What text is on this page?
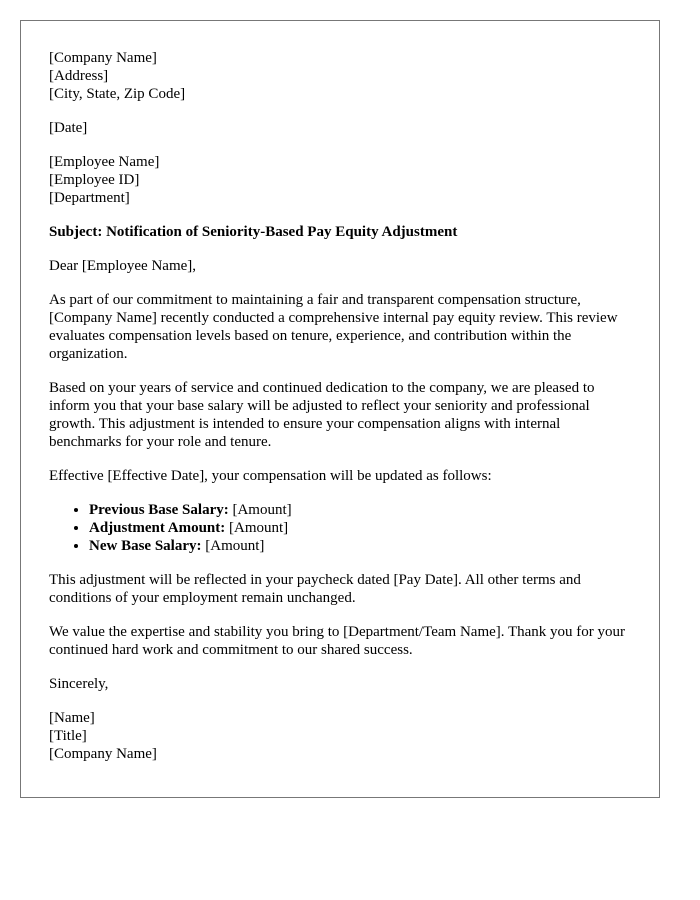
[Company Name]
[Address]
[City, State, Zip Code]
[Date]
[Employee Name]
[Employee ID]
[Department]

Subject: Notification of Seniority-Based Pay Equity Adjustment

Dear [Employee Name],

As part of our commitment to maintaining a fair and transparent compensation structure, [Company Name] recently conducted a comprehensive internal pay equity review. This review evaluates compensation levels based on tenure, experience, and contribution within the organization.

Based on your years of service and continued dedication to the company, we are pleased to inform you that your base salary will be adjusted to reflect your seniority and professional growth. This adjustment is intended to ensure your compensation aligns with internal benchmarks for your role and tenure.

Effective [Effective Date], your compensation will be updated as follows:

• Previous Base Salary: [Amount]
• Adjustment Amount: [Amount]
• New Base Salary: [Amount]

This adjustment will be reflected in your paycheck dated [Pay Date]. All other terms and conditions of your employment remain unchanged.

We value the expertise and stability you bring to [Department/Team Name]. Thank you for your continued hard work and commitment to our shared success.

Sincerely,

[Name]
[Title]
[Company Name]
